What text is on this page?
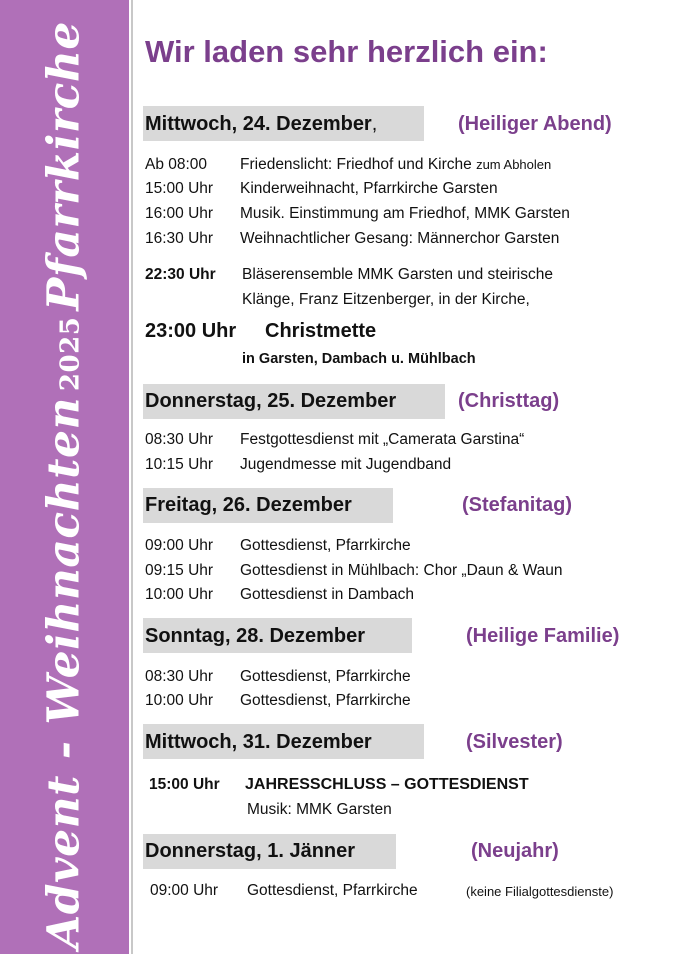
Advent - Weihnachten2025Pfarrkirche Wir laden sehr herzlich ein:
Mittwoch, 24. Dezember,	(Heiliger Abend)
Ab 08:00 Friedenslicht: Friedhof und Kirche zum Abholen
15:00 Uhr Kinderweihnacht, Pfarrkirche Garsten
16:00 Uhr Musik. Einstimmung am Friedhof, MMK Garsten
16:30 Uhr Weihnachtlicher Gesang: Männerchor Garsten
22:30 Uhr Bläserensemble MMK Garsten und steirische
Klänge, Franz Eitzenberger, in der Kirche,
23:00 Uhr Christmette
in Garsten, Dambach u. Mühlbach
Donnerstag, 25. Dezember	(Christtag)
08:30 Uhr Festgottesdienst mit „Camerata Garstina“
10:15 Uhr Jugendmesse mit Jugendband
Freitag, 26. Dezember	(Stefanitag)
09:00 Uhr Gottesdienst, Pfarrkirche
09:15 Uhr Gottesdienst in Mühlbach: Chor „Daun & Waun
10:00 Uhr Gottesdienst in Dambach
Sonntag, 28. Dezember	(Heilige Familie)
08:30 Uhr Gottesdienst, Pfarrkirche
10:00 Uhr Gottesdienst, Pfarrkirche
Mittwoch, 31. Dezember	(Silvester)
15:00 Uhr JAHRESSCHLUSS – GOTTESDIENST
Musik: MMK Garsten
Donnerstag, 1. Jänner	(Neujahr)
09:00 Uhr Gottesdienst, Pfarrkirche	(keine Filialgottesdienste)
